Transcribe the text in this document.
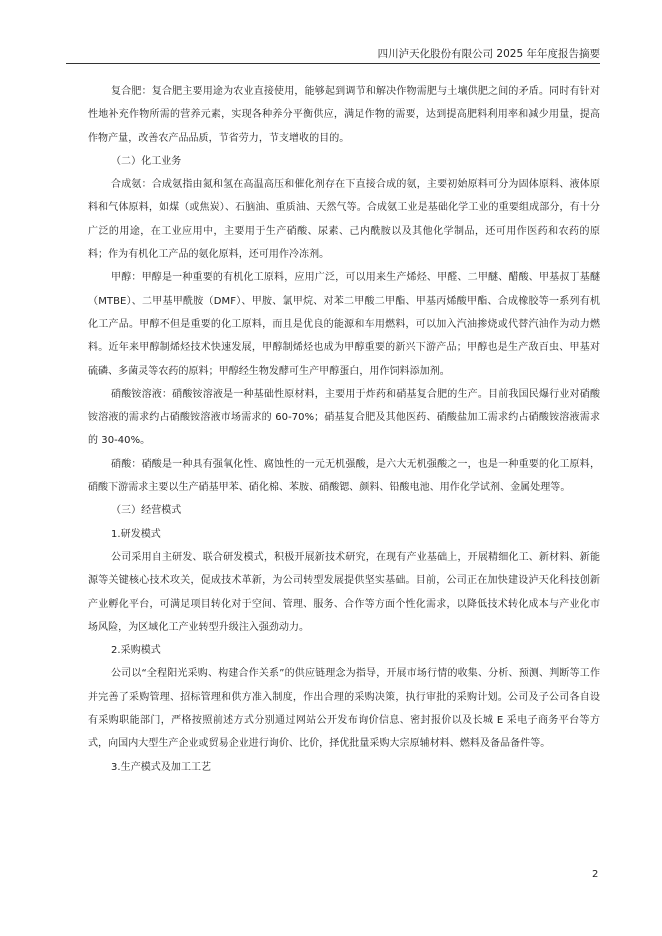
四川泸天化股份有限公司 2025 年年度报告摘要

复合肥：复合肥主要用途为农业直接使用，能够起到调节和解决作物需肥与土壤供肥之间的矛盾。同时有针对性地补充作物所需的营养元素，实现各种养分平衡供应，满足作物的需要，达到提高肥料利用率和减少用量，提高作物产量，改善农产品品质，节省劳力，节支增收的目的。

（二）化工业务

合成氨：合成氨指由氮和氢在高温高压和催化剂存在下直接合成的氨，主要初始原料可分为固体原料、液体原料和气体原料，如煤（或焦炭）、石脑油、重质油、天然气等。合成氨工业是基础化学工业的重要组成部分，有十分广泛的用途，在工业应用中，主要用于生产硝酸、尿素、己内酰胺以及其他化学制品，还可用作医药和农药的原料；作为有机化工产品的氨化原料，还可用作冷冻剂。

甲醇：甲醇是一种重要的有机化工原料，应用广泛，可以用来生产烯烃、甲醛、二甲醚、醋酸、甲基叔丁基醚（MTBE）、二甲基甲酰胺（DMF）、甲胺、氯甲烷、对苯二甲酸二甲酯、甲基丙烯酸甲酯、合成橡胶等一系列有机化工产品。甲醇不但是重要的化工原料，而且是优良的能源和车用燃料，可以加入汽油掺烧或代替汽油作为动力燃料。近年来甲醇制烯烃技术快速发展，甲醇制烯烃也成为甲醇重要的新兴下游产品；甲醇也是生产敌百虫、甲基对硫磷、多菌灵等农药的原料；甲醇经生物发酵可生产甲醇蛋白，用作饲料添加剂。

硝酸铵溶液：硝酸铵溶液是一种基础性原材料，主要用于炸药和硝基复合肥的生产。目前我国民爆行业对硝酸铵溶液的需求约占硝酸铵溶液市场需求的 60-70%；硝基复合肥及其他医药、硝酸盐加工需求约占硝酸铵溶液需求的 30-40%。

硝酸：硝酸是一种具有强氧化性、腐蚀性的一元无机强酸，是六大无机强酸之一，也是一种重要的化工原料，硝酸下游需求主要以生产硝基甲苯、硝化棉、苯胺、硝酸锶、颜料、铅酸电池、用作化学试剂、金属处理等。

（三）经营模式

1.研发模式

公司采用自主研发、联合研发模式，积极开展新技术研究，在现有产业基础上，开展精细化工、新材料、新能源等关键核心技术攻关，促成技术革新，为公司转型发展提供坚实基础。目前，公司正在加快建设泸天化科技创新产业孵化平台，可满足项目转化对于空间、管理、服务、合作等方面个性化需求，以降低技术转化成本与产业化市场风险，为区域化工产业转型升级注入强劲动力。

2.采购模式

公司以“全程阳光采购、构建合作关系”的供应链理念为指导，开展市场行情的收集、分析、预测、判断等工作并完善了采购管理、招标管理和供方准入制度，作出合理的采购决策，执行审批的采购计划。公司及子公司各自设有采购职能部门，严格按照前述方式分别通过网站公开发布询价信息、密封报价以及长城 E 采电子商务平台等方式，向国内大型生产企业或贸易企业进行询价、比价，择优批量采购大宗原辅材料、燃料及备品备件等。

3.生产模式及加工工艺

2
